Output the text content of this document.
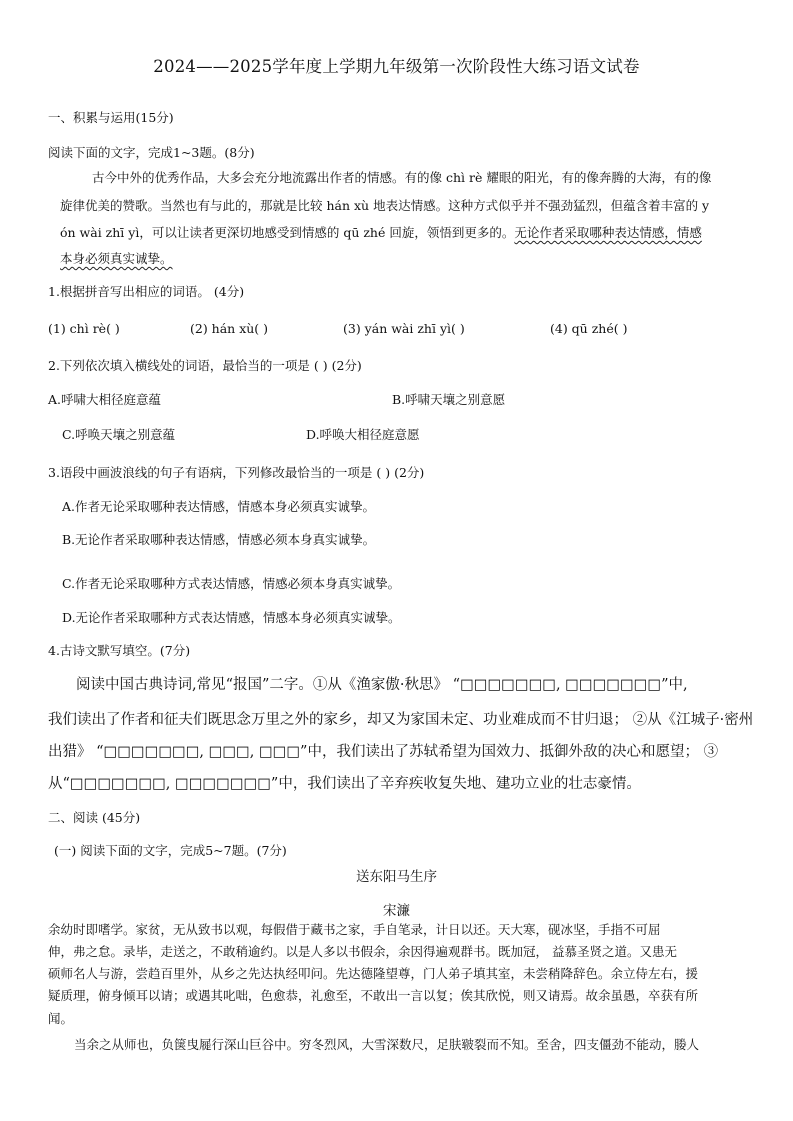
2024——2025学年度上学期九年级第一次阶段性大练习语文试卷
一、积累与运用(15分)
阅读下面的文字，完成1~3题。(8分)
古今中外的优秀作品，大多会充分地流露出作者的情感。有的像 chì rè 耀眼的阳光，有的像奔腾的大海，有的像
旋律优美的赞歌。当然也有与此的，那就是比较 hán xù 地表达情感。这种方式似乎并不强劲猛烈，但蕴含着丰富的 y
ón wài zhī yì，可以让读者更深切地感受到情感的 qū zhé 回旋，领悟到更多的。无论作者采取哪种表达情感，情感
本身必须真实诚挚。
1.根据拼音写出相应的词语。 (4分)
(1) chì rè( )	(2) hán xù( )	(3) yán wài zhī yì( )	(4) qū zhé( )
2.下列依次填入横线处的词语，最恰当的一项是 ( ) (2分)
A.呼啸大相径庭意蕴	B.呼啸天壤之别意愿
C.呼唤天壤之别意蕴	D.呼唤大相径庭意愿
3.语段中画波浪线的句子有语病，下列修改最恰当的一项是 ( ) (2分)
A.作者无论采取哪种表达情感，情感本身必须真实诚挚。
B.无论作者采取哪种表达情感，情感必须本身真实诚挚。
C.作者无论采取哪种方式表达情感，情感必须本身真实诚挚。
D.无论作者采取哪种方式表达情感，情感本身必须真实诚挚。
4.古诗文默写填空。(7分)
阅读中国古典诗词,常见“报国”二字。①从《渔家傲·秋思》 “□□□□□□□, □□□□□□□”中,
我们读出了作者和征夫们既思念万里之外的家乡，却又为家国未定、功业难成而不甘归退； ②从《江城子·密州
出猎》 “□□□□□□□, □□□, □□□”中，我们读出了苏轼希望为国效力、抵御外敌的决心和愿望； ③
从“□□□□□□□, □□□□□□□”中，我们读出了辛弃疾收复失地、建功立业的壮志豪情。
二、阅读 (45分)
(一) 阅读下面的文字，完成5~7题。(7分)
送东阳马生序
宋濂
余幼时即嗜学。家贫，无从致书以观，每假借于藏书之家，手自笔录，计日以还。天大寒，砚冰坚，手指不可屈
伸，弗之怠。录毕，走送之，不敢稍逾约。以是人多以书假余，余因得遍观群书。既加冠， 益慕圣贤之道。又患无
硕师名人与游，尝趋百里外，从乡之先达执经叩问。先达德隆望尊，门人弟子填其室，未尝稍降辞色。余立侍左右，援
疑质理，俯身倾耳以请；或遇其叱咄，色愈恭，礼愈至，不敢出一言以复；俟其欣悦，则又请焉。故余虽愚，卒获有所
闻。
当余之从师也，负箧曳屣行深山巨谷中。穷冬烈风，大雪深数尺，足肤皲裂而不知。至舍，四支僵劲不能动，媵人
